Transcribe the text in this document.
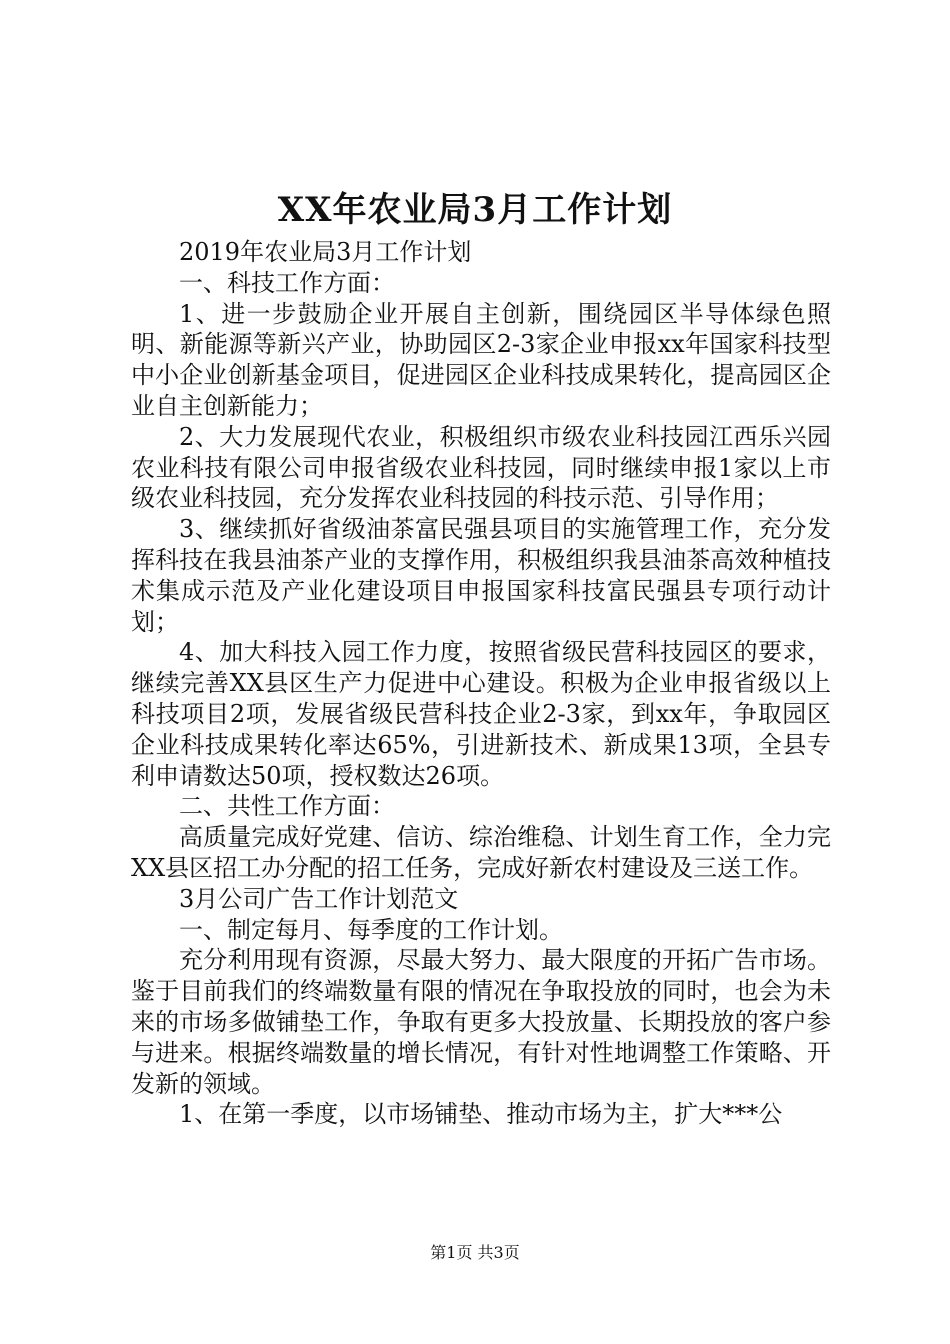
XX年农业局3月工作计划

2019年农业局3月工作计划

一、科技工作方面：

1、进一步鼓励企业开展自主创新，围绕园区半导体绿色照明、新能源等新兴产业，协助园区2-3家企业申报xx年国家科技型中小企业创新基金项目，促进园区企业科技成果转化，提高园区企业自主创新能力；

2、大力发展现代农业，积极组织市级农业科技园江西乐兴园农业科技有限公司申报省级农业科技园，同时继续申报1家以上市级农业科技园，充分发挥农业科技园的科技示范、引导作用；

3、继续抓好省级油茶富民强县项目的实施管理工作，充分发挥科技在我县油茶产业的支撑作用，积极组织我县油茶高效种植技术集成示范及产业化建设项目申报国家科技富民强县专项行动计划；

4、加大科技入园工作力度，按照省级民营科技园区的要求，继续完善XX县区生产力促进中心建设。积极为企业申报省级以上科技项目2项，发展省级民营科技企业2-3家，到xx年，争取园区企业科技成果转化率达65%，引进新技术、新成果13项，全县专利申请数达50项，授权数达26项。

二、共性工作方面：

高质量完成好党建、信访、综治维稳、计划生育工作，全力完XX县区招工办分配的招工任务，完成好新农村建设及三送工作。

3月公司广告工作计划范文

一、制定每月、每季度的工作计划。

充分利用现有资源，尽最大努力、最大限度的开拓广告市场。鉴于目前我们的终端数量有限的情况在争取投放的同时，也会为未来的市场多做铺垫工作，争取有更多大投放量、长期投放的客户参与进来。根据终端数量的增长情况，有针对性地调整工作策略、开发新的领域。

1、在第一季度，以市场铺垫、推动市场为主，扩大***公

第1页 共3页
